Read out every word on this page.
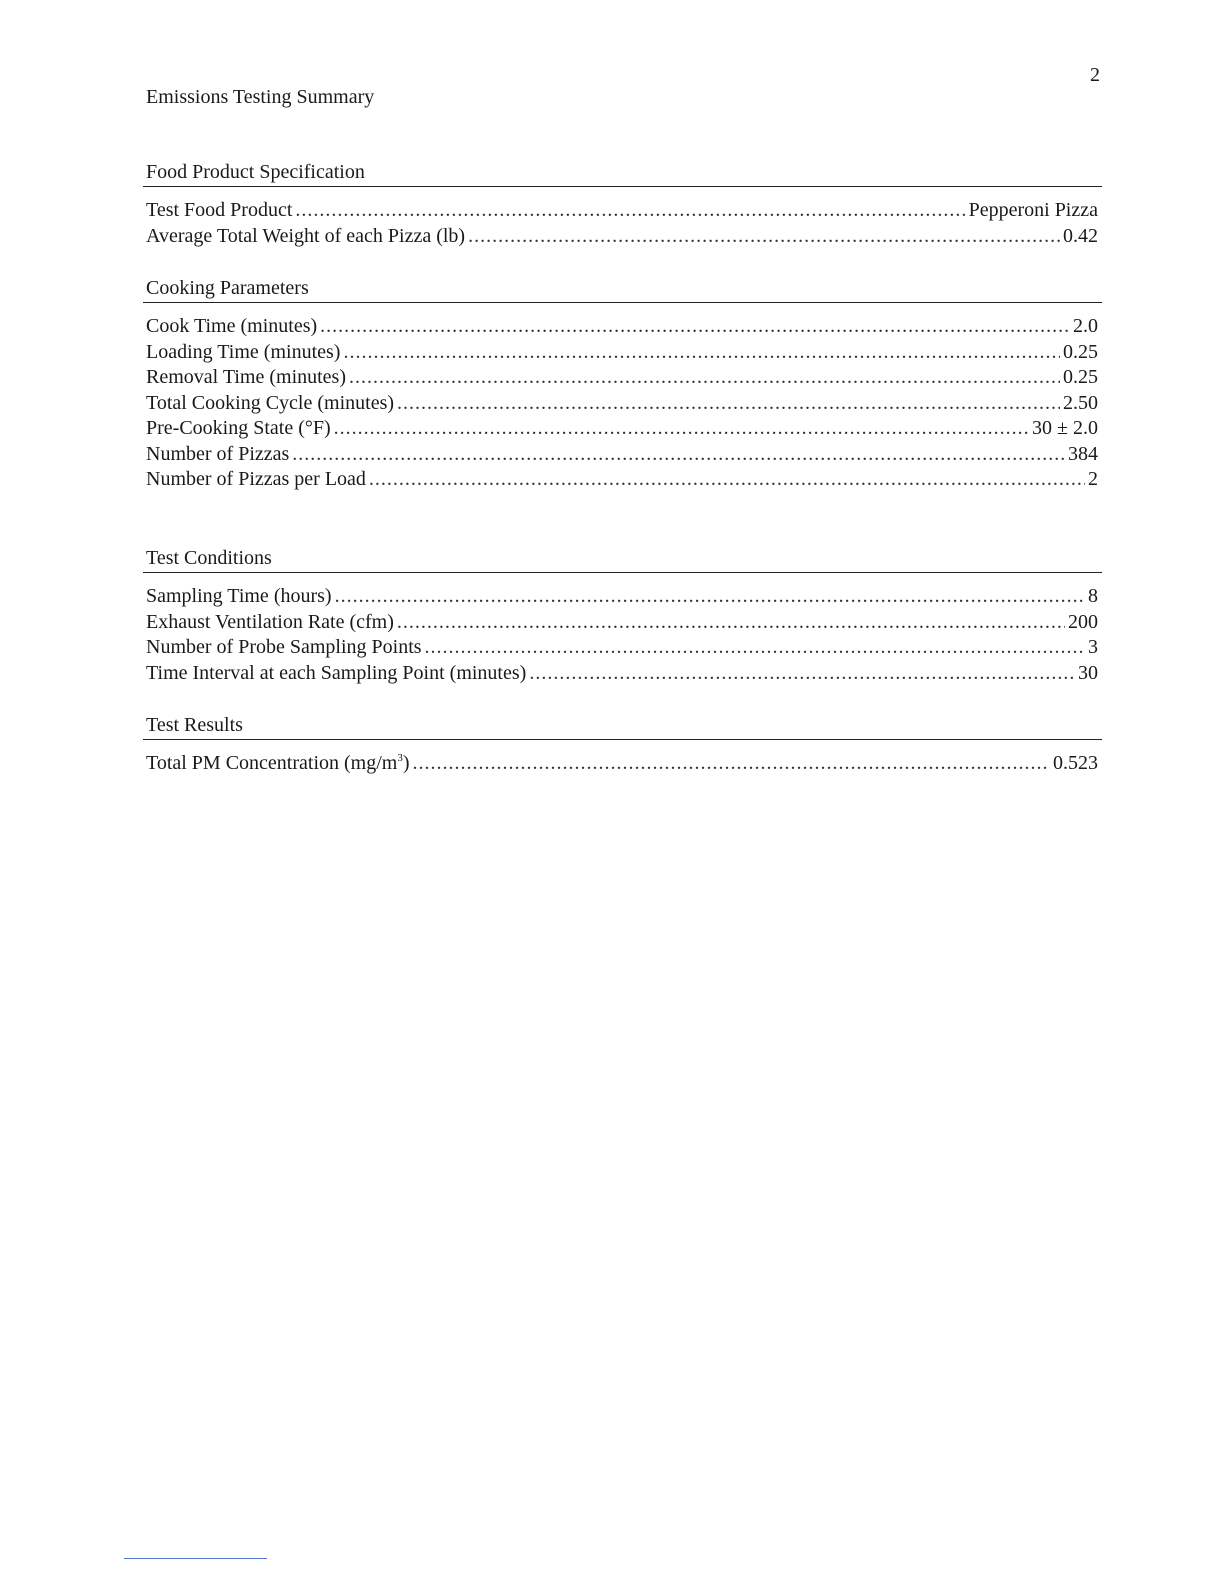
2
Emissions Testing Summary
Food Product Specification
Test Food Product .....	Pepperoni Pizza
Average Total Weight of each Pizza (lb) .....	0.42
Cooking Parameters
Cook Time (minutes) .....	2.0
Loading Time (minutes) .....	0.25
Removal Time (minutes) .....	0.25
Total Cooking Cycle (minutes) .....	2.50
Pre-Cooking State (°F) .....	30 ± 2.0
Number of Pizzas .....	384
Number of Pizzas per Load .....	2
Test Conditions
Sampling Time (hours) .....	8
Exhaust Ventilation Rate (cfm) .....	200
Number of Probe Sampling Points .....	3
Time Interval at each Sampling Point (minutes) .....	30
Test Results
Total PM Concentration $(mg/m^3)$ .....	0.523
